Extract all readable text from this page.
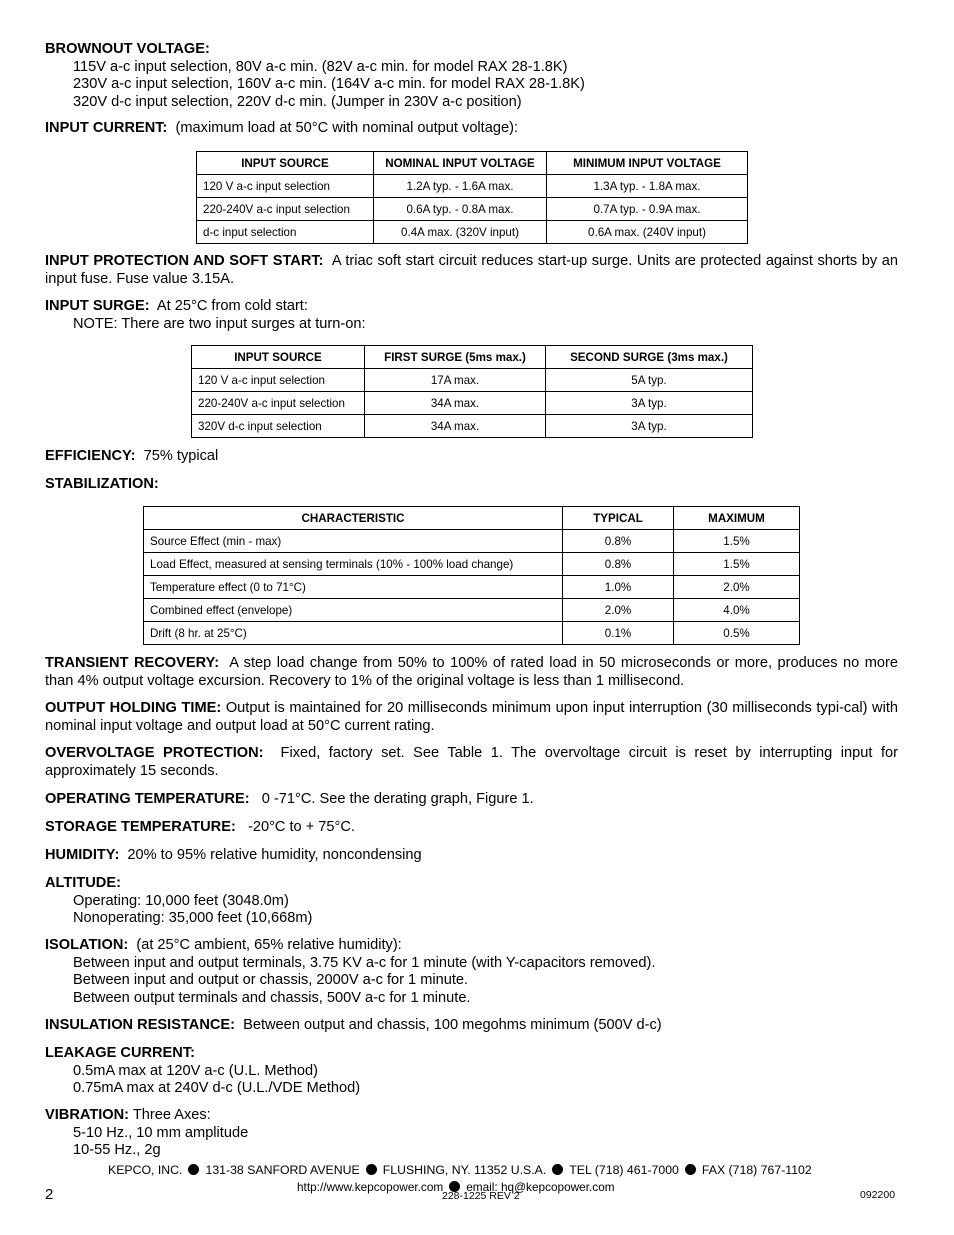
BROWNOUT VOLTAGE:
115V a-c input selection, 80V a-c min. (82V a-c min. for model RAX 28-1.8K)
230V a-c input selection, 160V a-c min. (164V a-c min. for model RAX 28-1.8K)
320V d-c input selection, 220V d-c min. (Jumper in 230V a-c position)
INPUT CURRENT: (maximum load at 50°C with nominal output voltage):
INPUT SOURCE	NOMINAL INPUT VOLTAGE	MINIMUM INPUT VOLTAGE
120 V a-c input selection	1.2A typ. - 1.6A max.	1.3A typ. - 1.8A max.
220-240V a-c input selection	0.6A typ. - 0.8A max.	0.7A typ. - 0.9A max.
d-c input selection	0.4A max. (320V input)	0.6A max. (240V input)
INPUT PROTECTION AND SOFT START: A triac soft start circuit reduces start-up surge. Units are protected against shorts by an input fuse. Fuse value 3.15A.
INPUT SURGE: At 25°C from cold start:
NOTE: There are two input surges at turn-on:
INPUT SOURCE	FIRST SURGE (5ms max.)	SECOND SURGE (3ms max.)
120 V a-c input selection	17A max.	5A typ.
220-240V a-c input selection	34A max.	3A typ.
320V d-c input selection	34A max.	3A typ.
EFFICIENCY: 75% typical
STABILIZATION:
CHARACTERISTIC	TYPICAL	MAXIMUM
Source Effect (min - max)	0.8%	1.5%
Load Effect, measured at sensing terminals (10% - 100% load change)	0.8%	1.5%
Temperature effect (0 to 71°C)	1.0%	2.0%
Combined effect (envelope)	2.0%	4.0%
Drift (8 hr. at 25°C)	0.1%	0.5%
TRANSIENT RECOVERY: A step load change from 50% to 100% of rated load in 50 microseconds or more, produces no more than 4% output voltage excursion. Recovery to 1% of the original voltage is less than 1 millisecond.
OUTPUT HOLDING TIME: Output is maintained for 20 milliseconds minimum upon input interruption (30 milliseconds typi-cal) with nominal input voltage and output load at 50°C current rating.
OVERVOLTAGE PROTECTION: Fixed, factory set. See Table 1. The overvoltage circuit is reset by interrupting input for approximately 15 seconds.
OPERATING TEMPERATURE: 0 -71°C. See the derating graph, Figure 1.
STORAGE TEMPERATURE: -20°C to + 75°C.
HUMIDITY: 20% to 95% relative humidity, noncondensing
ALTITUDE:
Operating: 10,000 feet (3048.0m)
Nonoperating: 35,000 feet (10,668m)
ISOLATION: (at 25°C ambient, 65% relative humidity):
Between input and output terminals, 3.75 KV a-c for 1 minute (with Y-capacitors removed).
Between input and output or chassis, 2000V a-c for 1 minute.
Between output terminals and chassis, 500V a-c for 1 minute.
INSULATION RESISTANCE: Between output and chassis, 100 megohms minimum (500V d-c)
LEAKAGE CURRENT:
0.5mA max at 120V a-c (U.L. Method)
0.75mA max at 240V d-c (U.L./VDE Method)
VIBRATION: Three Axes:
5-10 Hz., 10 mm amplitude
10-55 Hz., 2g
KEPCO, INC. 131-38 SANFORD AVENUE FLUSHING, NY. 11352 U.S.A. TEL (718) 461-7000 FAX (718) 767-1102
http://www.kepcopower.com email: hq@kepcopower.com
2	228-1225 REV 2	092200
